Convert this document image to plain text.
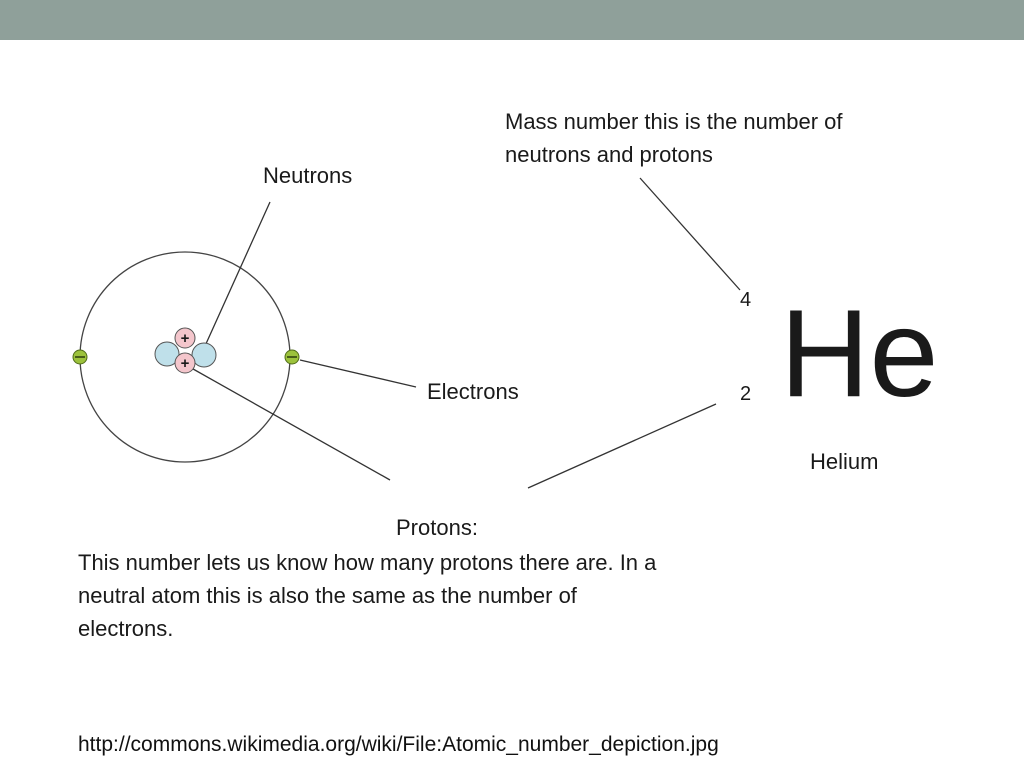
+
+
Neutrons
Electrons
Mass number this is the number of
neutrons and protons
4
2 He
Helium
Protons:
This number lets us know how many protons there are. In a
neutral atom this is also the same as the number of
electrons.
http://commons.wikimedia.org/wiki/File:Atomic_number_depiction.jpg
